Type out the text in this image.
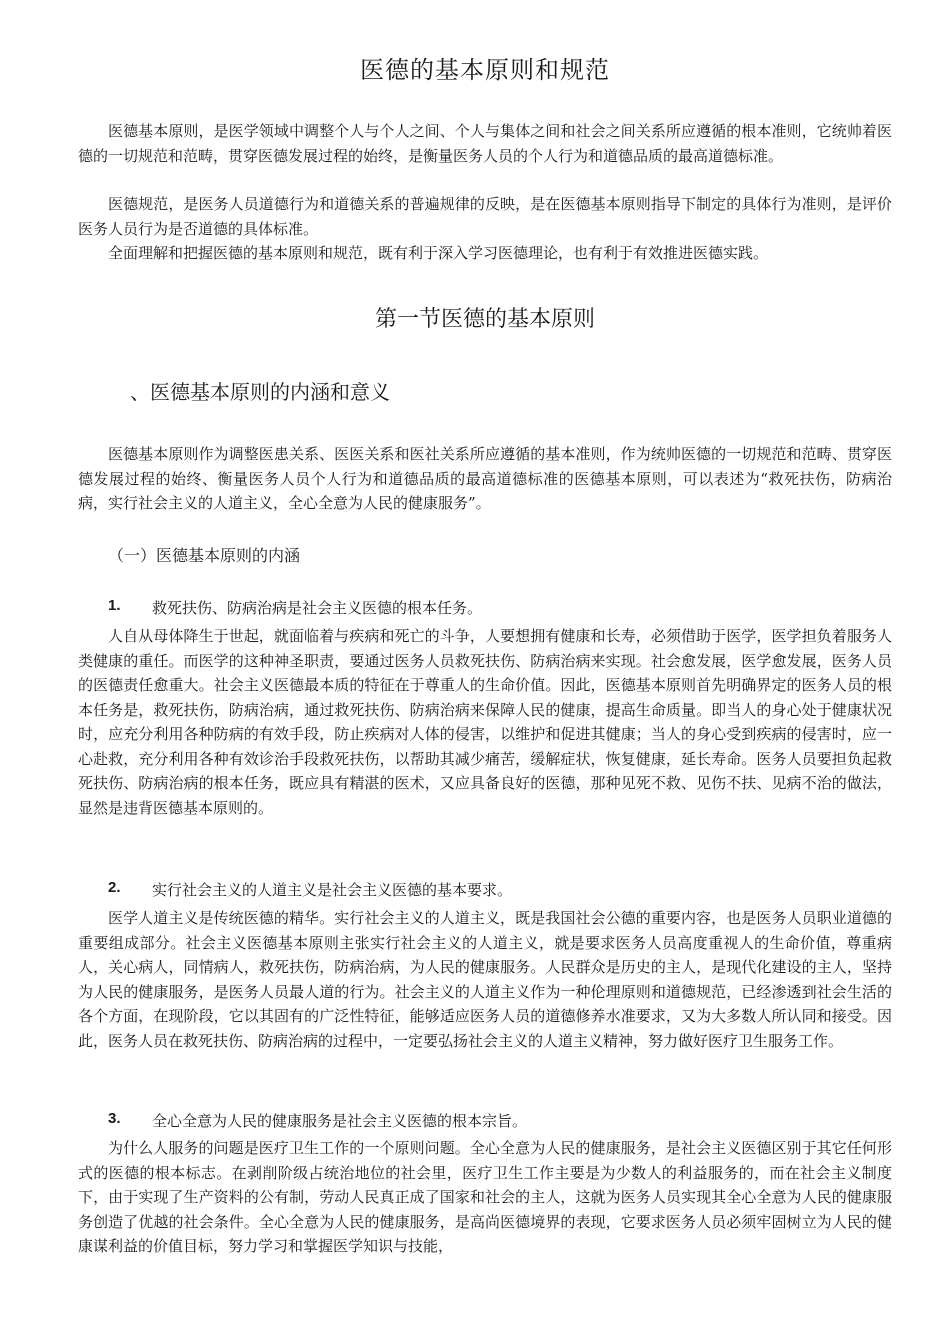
医德的基本原则和规范

医德基本原则，是医学领域中调整个人与个人之间、个人与集体之间和社会之间关系所应遵循的根本准则，它统帅着医德的一切规范和范畴，贯穿医德发展过程的始终，是衡量医务人员的个人行为和道德品质的最高道德标准。

医德规范，是医务人员道德行为和道德关系的普遍规律的反映，是在医德基本原则指导下制定的具体行为准则，是评价医务人员行为是否道德的具体标准。

全面理解和把握医德的基本原则和规范，既有利于深入学习医德理论，也有利于有效推进医德实践。

第一节医德的基本原则
、医德基本原则的内涵和意义

医德基本原则作为调整医患关系、医医关系和医社关系所应遵循的基本准则，作为统帅医德的一切规范和范畴、贯穿医德发展过程的始终、衡量医务人员个人行为和道德品质的最高道德标准的医德基本原则，可以表述为“救死扶伤，防病治病，实行社会主义的人道主义，全心全意为人民的健康服务”。

（一）医德基本原则的内涵
1.	救死扶伤、防病治病是社会主义医德的根本任务。

人自从母体降生于世起，就面临着与疾病和死亡的斗争，人要想拥有健康和长寿，必须借助于医学，医学担负着服务人类健康的重任。而医学的这种神圣职责，要通过医务人员救死扶伤、防病治病来实现。社会愈发展，医学愈发展，医务人员的医德责任愈重大。社会主义医德最本质的特征在于尊重人的生命价值。因此，医德基本原则首先明确界定的医务人员的根本任务是，救死扶伤，防病治病，通过救死扶伤、防病治病来保障人民的健康，提高生命质量。即当人的身心处于健康状况时，应充分利用各种防病的有效手段，防止疾病对人体的侵害，以维护和促进其健康；当人的身心受到疾病的侵害时，应一心赴救，充分利用各种有效诊治手段救死扶伤，以帮助其减少痛苦，缓解症状，恢复健康，延长寿命。医务人员要担负起救死扶伤、防病治病的根本任务，既应具有精湛的医术，又应具备良好的医德，那种见死不救、见伤不扶、见病不治的做法，显然是违背医德基本原则的。

2.	实行社会主义的人道主义是社会主义医德的基本要求。

医学人道主义是传统医德的精华。实行社会主义的人道主义，既是我国社会公德的重要内容，也是医务人员职业道德的重要组成部分。社会主义医德基本原则主张实行社会主义的人道主义，就是要求医务人员高度重视人的生命价值，尊重病人，关心病人，同情病人，救死扶伤，防病治病，为人民的健康服务。人民群众是历史的主人，是现代化建设的主人，坚持为人民的健康服务，是医务人员最人道的行为。社会主义的人道主义作为一种伦理原则和道德规范，已经渗透到社会生活的各个方面，在现阶段，它以其固有的广泛性特征，能够适应医务人员的道德修养水准要求，又为大多数人所认同和接受。因此，医务人员在救死扶伤、防病治病的过程中，一定要弘扬社会主义的人道主义精神，努力做好医疗卫生服务工作。

3.	全心全意为人民的健康服务是社会主义医德的根本宗旨。

为什么人服务的问题是医疗卫生工作的一个原则问题。全心全意为人民的健康服务，是社会主义医德区别于其它任何形式的医德的根本标志。在剥削阶级占统治地位的社会里，医疗卫生工作主要是为少数人的利益服务的，而在社会主义制度下，由于实现了生产资料的公有制，劳动人民真正成了国家和社会的主人，这就为医务人员实现其全心全意为人民的健康服务创造了优越的社会条件。全心全意为人民的健康服务，是高尚医德境界的表现，它要求医务人员必须牢固树立为人民的健康谋利益的价值目标，努力学习和掌握医学知识与技能，
